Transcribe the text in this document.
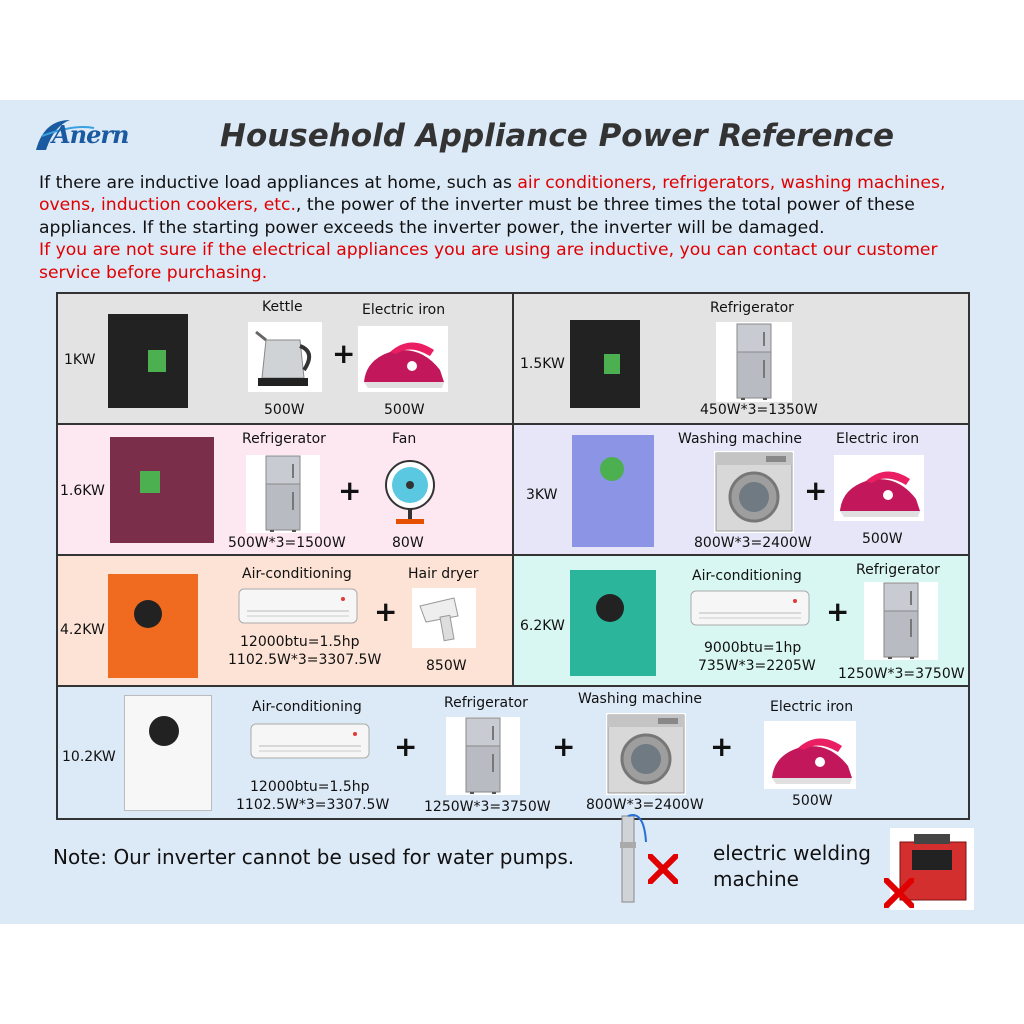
Anern	Household Appliance Power Reference
If there are inductive load appliances at home, such as air conditioners, refrigerators, washing machines, ovens, induction cookers, etc., the power of the inverter must be three times the total power of these appliances. If the starting power exceeds the inverter power, the inverter will be damaged.
If you are not sure if the electrical appliances you are using are inductive, you can contact our customer service before purchasing.
1KW
Kettle
500W
+
Electric iron
500W
1.5KW
Refrigerator
450W*3=1350W
1.6KW
Refrigerator
500W*3=1500W
+
Fan
80W
3KW
Washing machine
800W*3=2400W
+
Electric iron
500W
4.2KW
Air-conditioning
12000btu=1.5hp
1102.5W*3=3307.5W
+
Hair dryer
850W
6.2KW
Air-conditioning
9000btu=1hp
735W*3=2205W
+
Refrigerator
1250W*3=3750W
10.2KW
Air-conditioning
12000btu=1.5hp
1102.5W*3=3307.5W
+
Refrigerator
1250W*3=3750W
+
Washing machine
800W*3=2400W
+
Electric iron
500W
Note: Our inverter cannot be used for water pumps.	electric welding
machine
